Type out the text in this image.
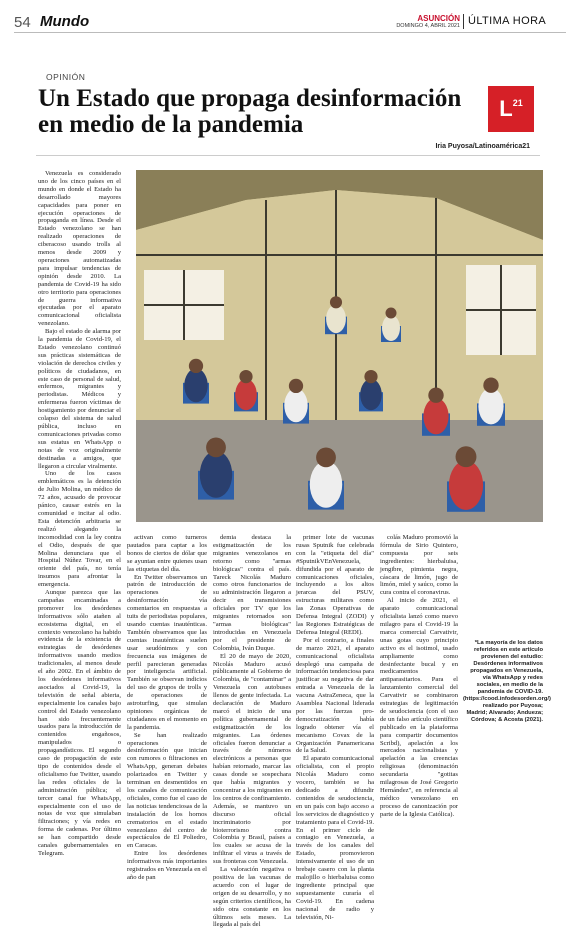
54 Mundo	ASUNCIÓN
DOMINGO 4, ABRIL 2021 ÚLTIMA HORA
OPINIÓN
Un Estado que propaga desinformación en medio de la pandemia
$L^{21}$
Iria Puyosa/Latinoamérica21

Venezuela es considerado uno de los cinco países en el mundo en donde el Estado ha desarrollado mayores capacidades para poner en ejecución operaciones de propaganda en línea. Desde el Estado venezolano se han realizado operaciones de ciberacoso usando trolls al menos desde 2009 y operaciones automatizadas para impulsar tendencias de opinión desde 2010. La pandemia de Covid-19 ha sido otro territorio para operaciones de guerra informativa ejecutadas por el aparato comunicacional oficialista venezolano.

Bajo el estado de alarma por la pandemia de Covid-19, el Estado venezolano continuó sus prácticas sistemáticas de violación de derechos civiles y políticos de ciudadanos, en este caso de personal de salud, enfermos, migrantes y periodistas. Médicos y enfermeras fueron víctimas de hostigamiento por denunciar el colapso del sistema de salud pública, incluso en comunicaciones privadas como sus estatus en WhatsApp o notas de voz originalmente destinadas a amigos, que llegaron a circular viralmente.

Uno de los casos emblemáticos es la detención de Julio Molina, un médico de 72 años, acusado de provocar pánico, causar estrés en la comunidad e incitar al odio. Esta detención arbitraria se realizó alegando la incomodidad con la ley contra el Odio, después de que Molina denunciara que el Hospital Núñez Tovar, en el oriente del país, no tenía insumos para afrontar la emergencia.

Aunque parezca que las campañas encaminadas a promover los desórdenes informativos sólo atañen al ecosistema digital, en el contexto venezolano ha habido evidencia de la existencia de estrategias de desórdenes informativos usando medios tradicionales, al menos desde el año 2002. En el ámbito de los desórdenes informativos asociados al Covid-19, la televisión de señal abierta, especialmente los canales bajo control del Estado venezolano han sido frecuentemente usados para la introducción de contenidos engañosos, manipulados o propagandísticos. El segundo caso de propagación de este tipo de contenidos desde el oficialismo fue Twitter, usando las redes oficiales de la administración pública; el tercer canal fue WhatsApp, especialmente con el uso de notas de voz que simulaban filtraciones; y vía redes en forma de cadenas. Por último se han compartido desde canales gubernamentales en Telegram.

activan como turneros pautados para captar a los bonos de ciertos de dólar que se ayuntan entre quienes usan las etiquetas del día.

En Twitter observamos un patrón de introducción de operaciones de desinformación vía comentarios en respuestas a tuits de periodistas populares, usando cuentas inauténticas. También observamos que las cuentas inauténticas suelen usar seudónimos y con frecuencia sus imágenes de perfil parecieran generadas por inteligencia artificial. También se observan indicios del uso de grupos de trolls y de operaciones de astroturfing, que simulan opiniones orgánicas de ciudadanos en el momento en la pandemia.

Se han realizado operaciones de desinformación que inician con rumores o filtraciones en WhatsApp, generan debates polarizados en Twitter y terminan en desmentidos en los canales de comunicación oficiales, como fue el caso de las noticias tendenciosas de la instalación de los hornos crematorios en el estado venezolano del centro de espectáculos de El Poliedro, en Caracas.

Entre los desórdenes informativos más importantes registrados en Venezuela en el año de pan

demia destaca la estigmatización de los migrantes venezolanos en retorno como "armas biológicas" contra el país. Tareck Nicolás Maduro como otros funcionarios de su administración llegaron a decir en transmisiones oficiales por TV que los migrantes retornados son "armas biológicas" introducidas en Venezuela por el presidente de Colombia, Iván Duque.

El 20 de mayo de 2020, Nicolás Maduro acusó públicamente al Gobierno de Colombia, de "contaminar" a Venezuela con autobuses llenos de gente infectada. La declaración de Maduro marcó el inicio de una política gubernamental de estigmatización de los migrantes. Las órdenes oficiales fueron denunciar a través de números electrónicos a personas que habían retornado, marcar las casas donde se sospechara que había migrantes y concentrar a los migrantes en los centros de confinamiento. Además, se mantuvo un discurso oficial incriminatorio por bioterrorismo contra Colombia y Brasil, países a los cuales se acusa de la infiltrar el virus a través de sus fronteras con Venezuela.

La valoración negativa o positiva de las vacunas de acuerdo con el lugar de origen de su desarrollo, y no según criterios científicos, ha sido otra constante en los últimos seis meses. La llegada al país del

primer lote de vacunas rusas Sputnik fue celebrada con la "etiqueta del día" #SputnikVEnVenezuela, difundida por el aparato de comunicaciones oficiales, incluyendo a los altos jerarcas del PSUV, estructuras militares como las Zonas Operativas de Defensa Integral (ZODI) y las Regiones Estratégicas de Defensa Integral (REDI).

Por el contrario, a finales de marzo 2021, el aparato comunicacional oficialista desplegó una campaña de información tendenciosa para justificar su negativa de dar entrada a Venezuela de la vacuna AstraZeneca, que la Asamblea Nacional liderada por las fuerzas pro-democratización había logrado obtener vía el mecanismo Covax de la Organización Panamericana de la Salud.

El aparato comunicacional oficialista, con el propio Nicolás Maduro como vocero, también se ha dedicado a difundir contenidos de seudociencia, en un país con bajo acceso a los servicios de diagnóstico y tratamiento para el Covid-19. En el primer ciclo de contagio en Venezuela, a través de los canales del Estado, promovieron intensivamente el uso de un brebaje casero con la planta malojillo o hierbaluisa como ingrediente principal que supuestamente curaría el Covid-19. En cadena nacional de radio y televisión, Ni-

colás Maduro promovió la fórmula de Sirio Quintero, compuesta por seis ingredientes: hierbaluisa, jengibre, pimienta negra, cáscara de limón, jugo de limón, miel y saúco, como la cura contra el coronavirus.

Al inicio de 2021, el aparato comunicacional oficialista lanzó como nuevo milagro para el Covid-19 la marca comercial Carvativir, unas gotas cuyo principio activo es el isotimol, usado ampliamente como desinfectante bucal y en medicamentos antiparasitarios. Para el lanzamiento comercial del Carvativir se combinaron estrategias de legitimación de seudociencia (con el uso de un falso artículo científico publicado en la plataforma para compartir documentos Scribd), apelación a los mercados nacionalistas y apelación a las creencias religiosas (denominación secundaria "gotitas milagrosas de José Gregorio Hernández", en referencia al médico venezolano en proceso de canonización por parte de la Iglesia Católica).

*La mayoría de los datos referidos en este artículo provienen del estudio: Desórdenes informativos propagados en Venezuela, vía WhatsApp y redes sociales, en medio de la pandemia de COVID-19. (https://cood.infodesorden.org/) realizado por Puyosa; Madrid; Alvarado; Andueza; Córdova; & Acosta (2021).
